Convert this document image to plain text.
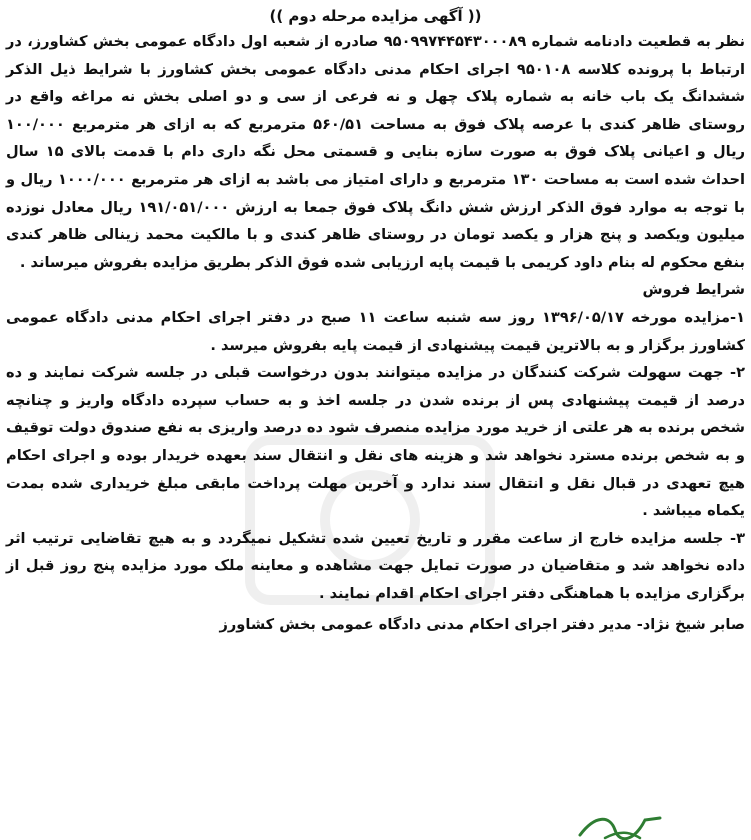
(( آگهی مزایده مرحله دوم ))

نظر به قطعیت دادنامه شماره ۹۵۰۹۹۷۴۴۵۴۳۰۰۰۸۹ صادره از شعبه اول دادگاه عمومی بخش کشاورز، در ارتباط با پرونده کلاسه ۹۵۰۱۰۸ اجرای احکام مدنی دادگاه عمومی بخش کشاورز با شرایط ذیل الذکر ششدانگ یک باب خانه به شماره پلاک چهل و نه فرعی از سی و دو اصلی بخش نه مراغه واقع در روستای ظاهر کندی با عرصه پلاک فوق به مساحت ۵۶۰/۵۱ مترمربع که به ازای هر مترمربع ۱۰۰/۰۰۰ ریال و اعیانی پلاک فوق به صورت سازه بنایی و قسمتی محل نگه داری دام با قدمت بالای ۱۵ سال احداث شده است به مساحت ۱۳۰ مترمربع و دارای امتیاز می باشد به ازای هر مترمربع ۱۰۰۰/۰۰۰ ریال و با توجه به موارد فوق الذکر ارزش شش دانگ پلاک فوق جمعا به ارزش ۱۹۱/۰۵۱/۰۰۰ ریال معادل نوزده میلیون ویکصد و پنج هزار و یکصد تومان در روستای ظاهر کندی و با مالکیت محمد زینالی ظاهر کندی بنفع محکوم له بنام داود کریمی با قیمت پایه ارزیابی شده فوق الذکر بطریق مزایده بفروش میرساند .

شرایط فروش

۱-مزایده مورخه ۱۳۹۶/۰۵/۱۷ روز سه شنبه ساعت ۱۱ صبح در دفتر اجرای احکام مدنی دادگاه عمومی کشاورز برگزار و به بالاترین قیمت پیشنهادی از قیمت پایه بفروش میرسد .

۲- جهت سهولت شرکت کنندگان در مزایده میتوانند بدون درخواست قبلی در جلسه شرکت نمایند و ده درصد از قیمت پیشنهادی پس از برنده شدن در جلسه اخذ و به حساب سپرده دادگاه واریز و چنانچه شخص برنده به هر علتی از خرید مورد مزایده منصرف شود ده درصد واریزی به نفع صندوق دولت توقیف و به شخص برنده مسترد نخواهد شد و هزینه های نقل و انتقال سند بعهده خریدار بوده و اجرای احکام هیچ تعهدی در قبال نقل و انتقال سند ندارد و آخرین مهلت پرداخت مابقی مبلغ خریداری شده بمدت یکماه میباشد .

۳- جلسه مزایده خارج از ساعت مقرر و تاریخ تعیین شده تشکیل نمیگردد و به هیچ تقاضایی ترتیب اثر داده نخواهد شد و متقاضیان در صورت تمایل جهت مشاهده و معاینه ملک مورد مزایده پنج روز قبل از برگزاری مزایده با هماهنگی دفتر اجرای احکام اقدام نمایند .

صابر شیخ نژاد- مدیر دفتر اجرای احکام مدنی دادگاه عمومی بخش کشاورز
